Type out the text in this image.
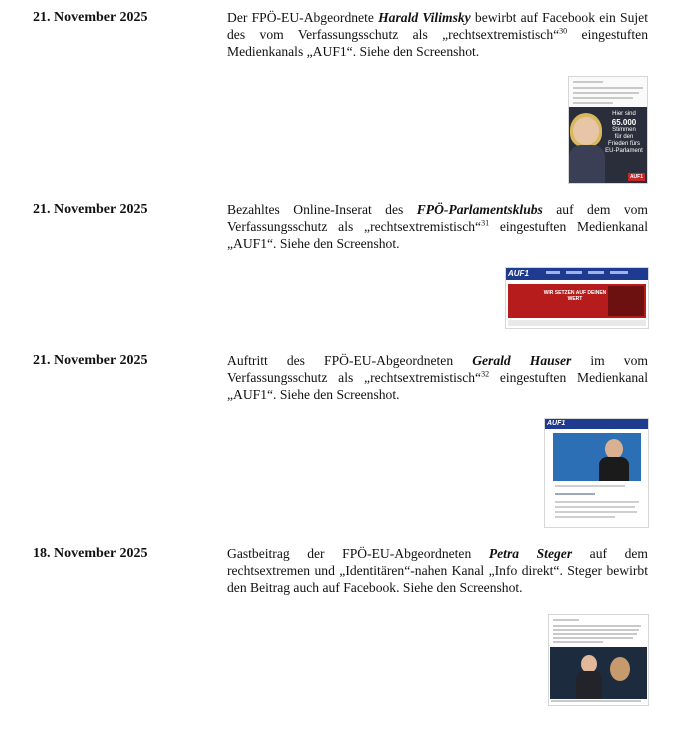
21. November 2025	Der FPÖ-EU-Abgeordnete Harald Vilimsky bewirbt auf Facebook ein Sujet des vom Verfassungsschutz als „rechtsextremistisch“$^{30}$ eingestuften Medienkanals „AUF1“. Siehe den Screenshot.
Hier sind
65.000
Stimmen
für den
Frieden fürs
EU-Parlament
AUF1
21. November 2025	Bezahltes Online-Inserat des FPÖ-Parlamentsklubs auf dem vom Verfassungsschutz als „rechtsextremistisch“$^{31}$ eingestuften Medienkanal „AUF1“. Siehe den Screenshot.
AUF1
WIR SETZEN AUF DEINEN WERT
21. November 2025	Auftritt des FPÖ-EU-Abgeordneten Gerald Hauser im vom Verfassungsschutz als „rechtsextremistisch“$^{32}$ eingestuften Medienkanal „AUF1“. Siehe den Screenshot.
AUF1
18. November 2025	Gastbeitrag der FPÖ-EU-Abgeordneten Petra Steger auf dem rechtsextremen und „Identitären“-nahen Kanal „Info direkt“. Steger bewirbt den Beitrag auch auf Facebook. Siehe den Screenshot.
